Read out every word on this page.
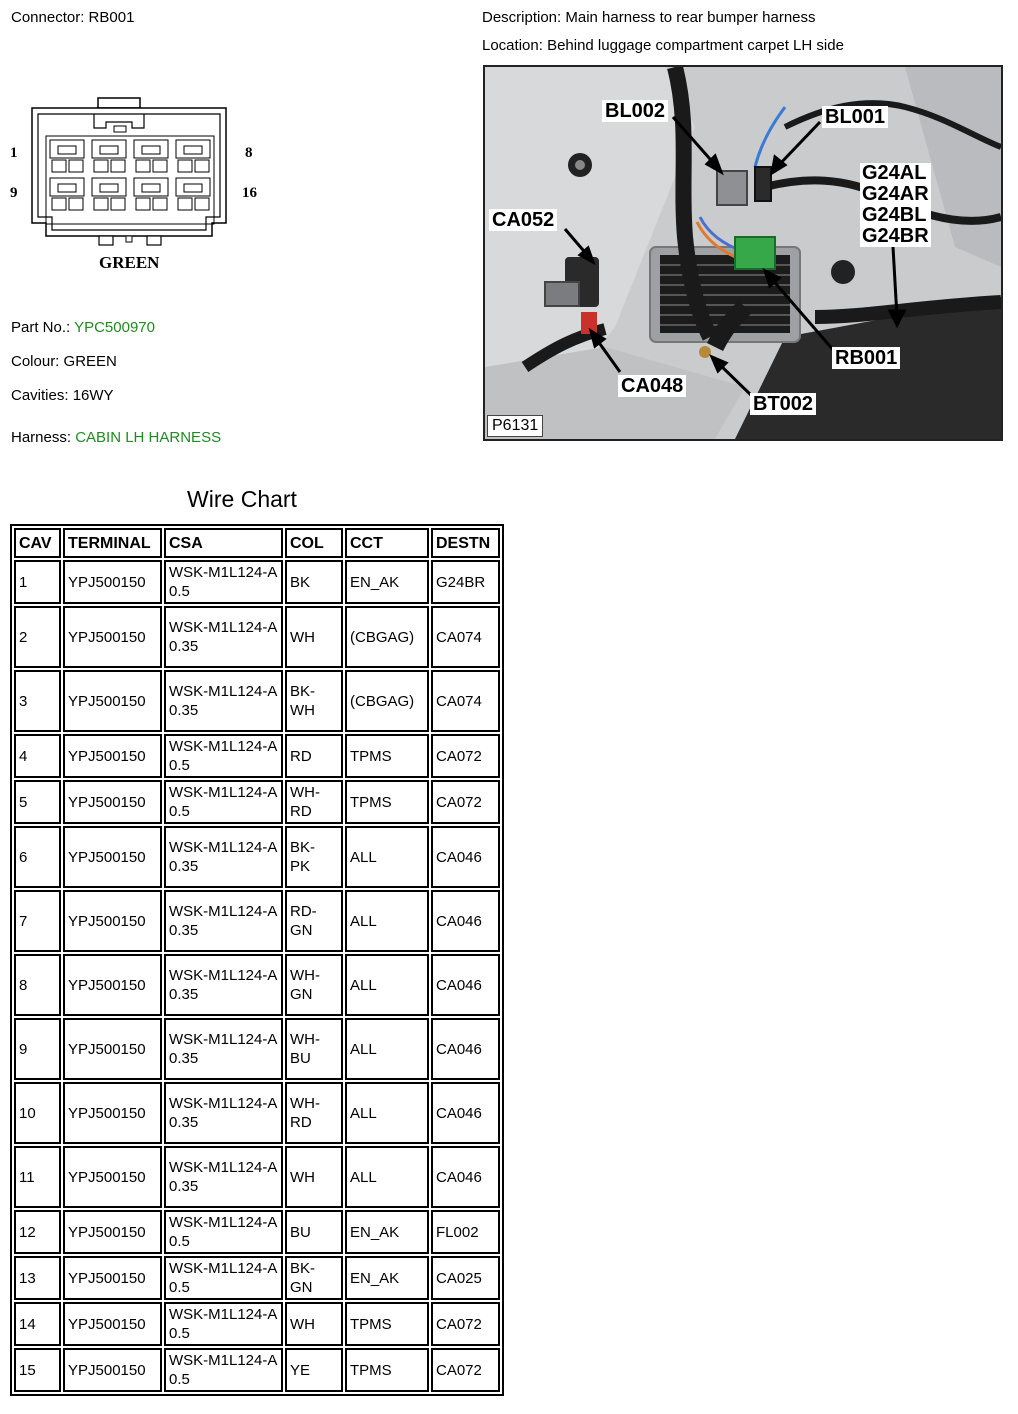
Connector: RB001	Description: Main harness to rear bumper harness
Location: Behind luggage compartment carpet LH side
1
9
8
16
GREEN
Part No.: YPC500970
Colour: GREEN
Cavities: 16WY
Harness: CABIN LH HARNESS
BL002	BL001
CA052
G24AL
G24AR
G24BL
G24BR
RB001
CA048
BT002
P6131
Wire Chart
CAV	TERMINAL	CSA	COL	CCT	DESTN
1	YPJ500150	WSK-M1L124-A 0.5	BK	EN_AK	G24BR
2	YPJ500150	WSK-M1L124-A 0.35	WH	(CBGAG)	CA074
3	YPJ500150	WSK-M1L124-A 0.35	BK-WH	(CBGAG)	CA074
4	YPJ500150	WSK-M1L124-A 0.5	RD	TPMS	CA072
5	YPJ500150	WSK-M1L124-A 0.5	WH-RD	TPMS	CA072
6	YPJ500150	WSK-M1L124-A 0.35	BK-PK	ALL	CA046
7	YPJ500150	WSK-M1L124-A 0.35	RD-GN	ALL	CA046
8	YPJ500150	WSK-M1L124-A 0.35	WH-GN	ALL	CA046
9	YPJ500150	WSK-M1L124-A 0.35	WH-BU	ALL	CA046
10	YPJ500150	WSK-M1L124-A 0.35	WH-RD	ALL	CA046
11	YPJ500150	WSK-M1L124-A 0.35	WH	ALL	CA046
12	YPJ500150	WSK-M1L124-A 0.5	BU	EN_AK	FL002
13	YPJ500150	WSK-M1L124-A 0.5	BK-GN	EN_AK	CA025
14	YPJ500150	WSK-M1L124-A 0.5	WH	TPMS	CA072
15	YPJ500150	WSK-M1L124-A 0.5	YE	TPMS	CA072
